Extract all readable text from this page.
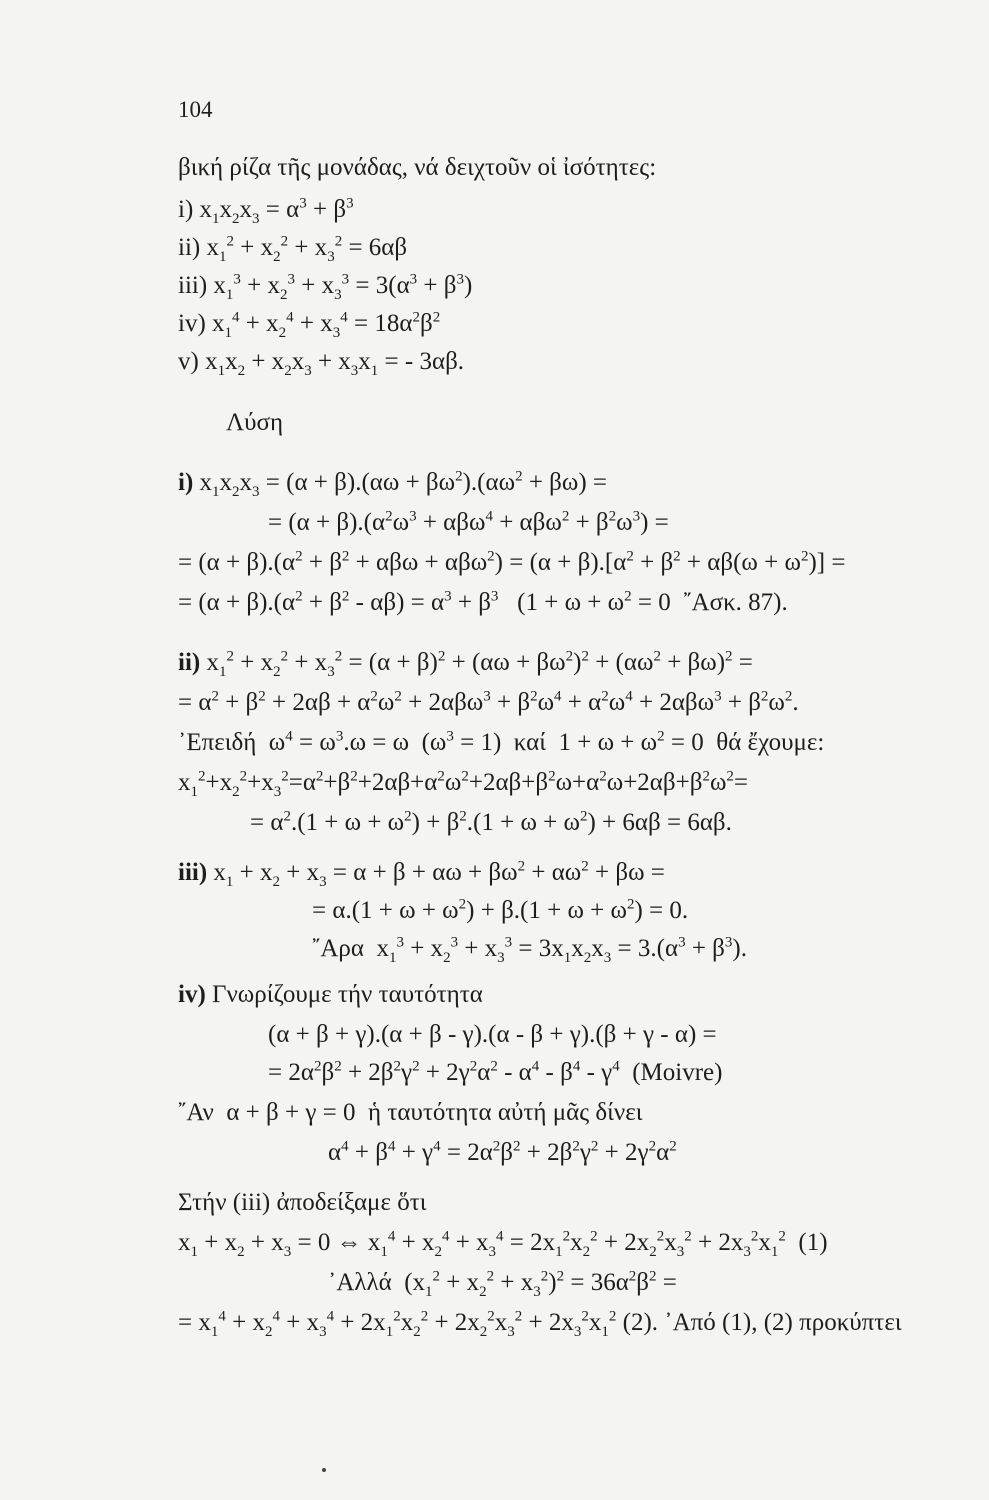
104
βική ρίζα τῆς μονάδας, νά δειχτοῦν οἱ ἰσότητες:
i) $x_1x_2x_3 = \alpha^3 + \beta^3$
ii) $x_1^2 + x_2^2 + x_3^2 = 6\alpha\beta$
iii) $x_1^3 + x_2^3 + x_3^3 = 3(\alpha^3 + \beta^3)$
iv) $x_1^4 + x_2^4 + x_3^4 = 18\alpha^2\beta^2$
v) $x_1x_2 + x_2x_3 + x_3x_1$ = - 3αβ.
Λύση
i) $x_1x_2x_3 = (\alpha + \beta).(\alpha\omega + \beta\omega^2).(\alpha\omega^2 + \beta\omega)$ =
= $(\alpha + \beta).(\alpha^2\omega^3 + \alpha\beta\omega^4 + \alpha\beta\omega^2 + \beta^2\omega^3)$ =
= $(\alpha + \beta).(\alpha^2 + \beta^2 + \alpha\beta\omega + \alpha\beta\omega^2) = (\alpha + \beta).[\alpha^2 + \beta^2 + \alpha\beta(\omega + \omega^2)]$ =
= $(\alpha + \beta).(\alpha^2 + \beta^2 - \alpha\beta) = \alpha^3 + \beta^3$   ($1 + \omega + \omega^2 = 0$  ῎Ασκ. 87).
ii) $x_1^2 + x_2^2 + x_3^2 = (\alpha + \beta)^2 + (\alpha\omega + \beta\omega^2)^2 + (\alpha\omega^2 + \beta\omega)^2$ =
= $\alpha^2 + \beta^2 + 2\alpha\beta + \alpha^2\omega^2 + 2\alpha\beta\omega^3 + \beta^2\omega^4 + \alpha^2\omega^4 + 2\alpha\beta\omega^3 + \beta^2\omega^2$.
᾿Επειδή  $\omega^4 = \omega^3.\omega = \omega$  $(\omega^3 = 1)$  καί  $1 + \omega + \omega^2 = 0$  θά ἔχουμε:
$x_1^2+x_2^2+x_3^2=\alpha^2+\beta^2+2\alpha\beta+\alpha^2\omega^2+2\alpha\beta+\beta^2\omega+\alpha^2\omega+2\alpha\beta+\beta^2\omega^2=$
= $\alpha^2.(1 + \omega + \omega^2) + \beta^2.(1 + \omega + \omega^2) + 6\alpha\beta = 6\alpha\beta$.
iii) $x_1 + x_2 + x_3 = \alpha + \beta + \alpha\omega + \beta\omega^2 + \alpha\omega^2 + \beta\omega$ =
= $\alpha.(1 + \omega + \omega^2) + \beta.(1 + \omega + \omega^2) = 0$.
῎Αρα  $x_1^3 + x_2^3 + x_3^3 = 3x_1x_2x_3 = 3.(\alpha^3 + \beta^3)$.
iv) Γνωρίζουμε τήν ταυτότητα
(α + β + γ).(α + β - γ).(α - β + γ).(β + γ - α) =
= $2\alpha^2\beta^2 + 2\beta^2\gamma^2 + 2\gamma^2\alpha^2 - \alpha^4 - \beta^4 - \gamma^4$  (Moivre)
῎Αν  α + β + γ = 0  ἡ ταυτότητα αὐτή μᾶς δίνει
$\alpha^4 + \beta^4 + \gamma^4 = 2\alpha^2\beta^2 + 2\beta^2\gamma^2 + 2\gamma^2\alpha^2$
Στήν (iii) ἀποδείξαμε ὅτι
$x_1 + x_2 + x_3 = 0$ ⇔ $x_1^4 + x_2^4 + x_3^4 = 2x_1^2x_2^2 + 2x_2^2x_3^2 + 2x_3^2x_1^2$  (1)
᾿Αλλά  $(x_1^2 + x_2^2 + x_3^2)^2 = 36\alpha^2\beta^2$ =
= $x_1^4 + x_2^4 + x_3^4 + 2x_1^2x_2^2 + 2x_2^2x_3^2 + 2x_3^2x_1^2$ (2). ᾿Από (1), (2) προκύπτει
